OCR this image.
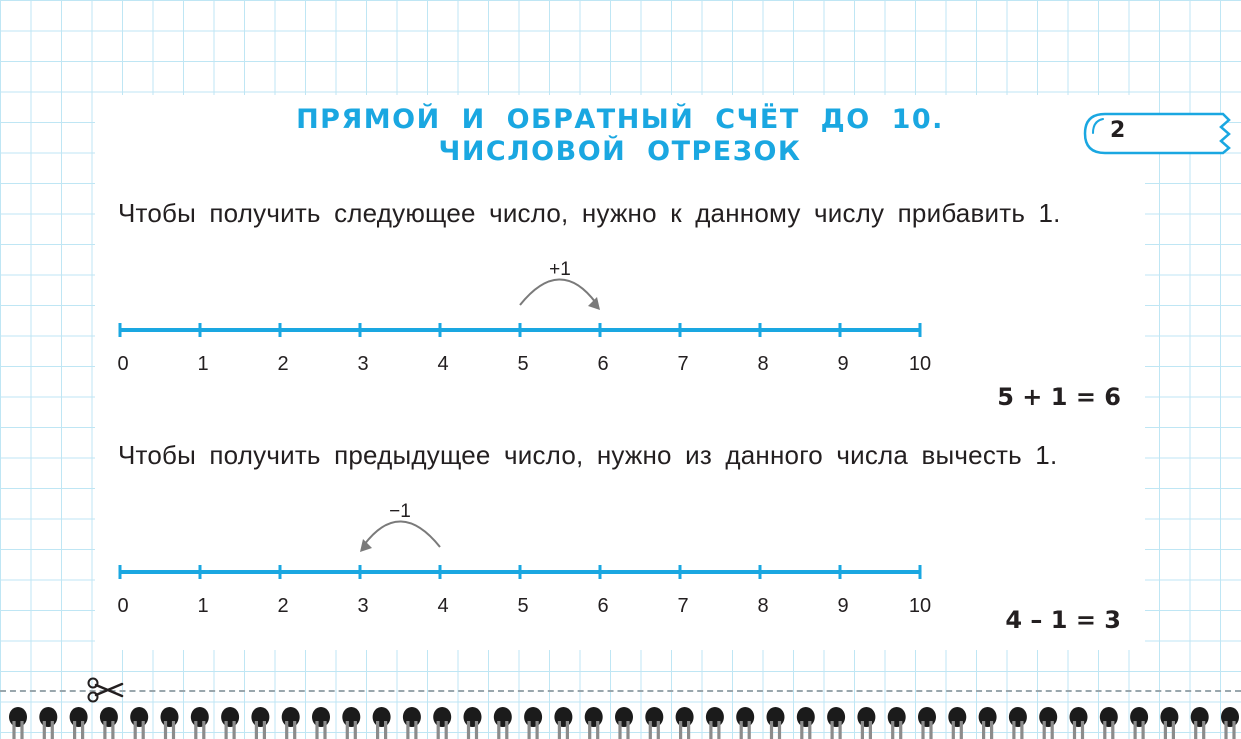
ПРЯМОЙ И ОБРАТНЫЙ СЧЁТ ДО 10.
ЧИСЛОВОЙ ОТРЕЗОК
2
Чтобы получить следующее число, нужно к данному числу прибавить 1.
+1
0	1	2	3	4	5	6	7	8	9	10
5 + 1 = 6
Чтобы получить предыдущее число, нужно из данного числа вычесть 1.
−1
0	1	2	3	4	5	6	7	8	9	10	4 – 1 = 3
